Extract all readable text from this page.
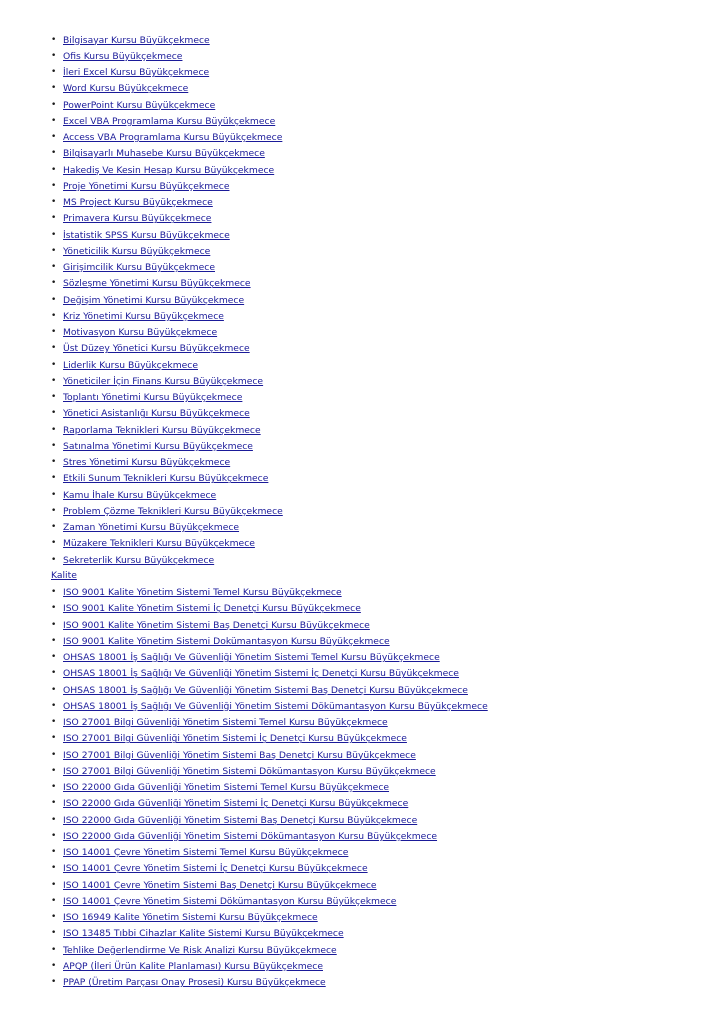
• Bilgisayar Kursu Büyükçekmece
• Ofis Kursu Büyükçekmece
• İleri Excel Kursu Büyükçekmece
• Word Kursu Büyükçekmece
• PowerPoint Kursu Büyükçekmece
• Excel VBA Programlama Kursu Büyükçekmece
• Access VBA Programlama Kursu Büyükçekmece
• Bilgisayarlı Muhasebe Kursu Büyükçekmece
• Hakediş Ve Kesin Hesap Kursu Büyükçekmece
• Proje Yönetimi Kursu Büyükçekmece
• MS Project Kursu Büyükçekmece
• Primavera Kursu Büyükçekmece
• İstatistik SPSS Kursu Büyükçekmece
• Yöneticilik Kursu Büyükçekmece
• Girişimcilik Kursu Büyükçekmece
• Sözleşme Yönetimi Kursu Büyükçekmece
• Değişim Yönetimi Kursu Büyükçekmece
• Kriz Yönetimi Kursu Büyükçekmece
• Motivasyon Kursu Büyükçekmece
• Üst Düzey Yönetici Kursu Büyükçekmece
• Liderlik Kursu Büyükçekmece
• Yöneticiler İçin Finans Kursu Büyükçekmece
• Toplantı Yönetimi Kursu Büyükçekmece
• Yönetici Asistanlığı Kursu Büyükçekmece
• Raporlama Teknikleri Kursu Büyükçekmece
• Satınalma Yönetimi Kursu Büyükçekmece
• Stres Yönetimi Kursu Büyükçekmece
• Etkili Sunum Teknikleri Kursu Büyükçekmece
• Kamu İhale Kursu Büyükçekmece
• Problem Çözme Teknikleri Kursu Büyükçekmece
• Zaman Yönetimi Kursu Büyükçekmece
• Müzakere Teknikleri Kursu Büyükçekmece
• Sekreterlik Kursu Büyükçekmece
Kalite
• ISO 9001 Kalite Yönetim Sistemi Temel Kursu Büyükçekmece
• ISO 9001 Kalite Yönetim Sistemi İç Denetçi Kursu Büyükçekmece
• ISO 9001 Kalite Yönetim Sistemi Baş Denetçi Kursu Büyükçekmece
• ISO 9001 Kalite Yönetim Sistemi Dokümantasyon Kursu Büyükçekmece
• OHSAS 18001 İş Sağlığı Ve Güvenliği Yönetim Sistemi Temel Kursu Büyükçekmece
• OHSAS 18001 İş Sağlığı Ve Güvenliği Yönetim Sistemi İç Denetçi Kursu Büyükçekmece
• OHSAS 18001 İş Sağlığı Ve Güvenliği Yönetim Sistemi Baş Denetçi Kursu Büyükçekmece
• OHSAS 18001 İş Sağlığı Ve Güvenliği Yönetim Sistemi Dökümantasyon Kursu Büyükçekmece
• ISO 27001 Bilgi Güvenliği Yönetim Sistemi Temel Kursu Büyükçekmece
• ISO 27001 Bilgi Güvenliği Yönetim Sistemi İç Denetçi Kursu Büyükçekmece
• ISO 27001 Bilgi Güvenliği Yönetim Sistemi Baş Denetçi Kursu Büyükçekmece
• ISO 27001 Bilgi Güvenliği Yönetim Sistemi Dökümantasyon Kursu Büyükçekmece
• ISO 22000 Gıda Güvenliği Yönetim Sistemi Temel Kursu Büyükçekmece
• ISO 22000 Gıda Güvenliği Yönetim Sistemi İç Denetçi Kursu Büyükçekmece
• ISO 22000 Gıda Güvenliği Yönetim Sistemi Baş Denetçi Kursu Büyükçekmece
• ISO 22000 Gıda Güvenliği Yönetim Sistemi Dökümantasyon Kursu Büyükçekmece
• ISO 14001 Çevre Yönetim Sistemi Temel Kursu Büyükçekmece
• ISO 14001 Çevre Yönetim Sistemi İç Denetçi Kursu Büyükçekmece
• ISO 14001 Çevre Yönetim Sistemi Baş Denetçi Kursu Büyükçekmece
• ISO 14001 Çevre Yönetim Sistemi Dökümantasyon Kursu Büyükçekmece
• ISO 16949 Kalite Yönetim Sistemi Kursu Büyükçekmece
• ISO 13485 Tıbbi Cihazlar Kalite Sistemi Kursu Büyükçekmece
• Tehlike Değerlendirme Ve Risk Analizi Kursu Büyükçekmece
• APQP (İleri Ürün Kalite Planlaması) Kursu Büyükçekmece
• PPAP (Üretim Parçası Onay Prosesi) Kursu Büyükçekmece
